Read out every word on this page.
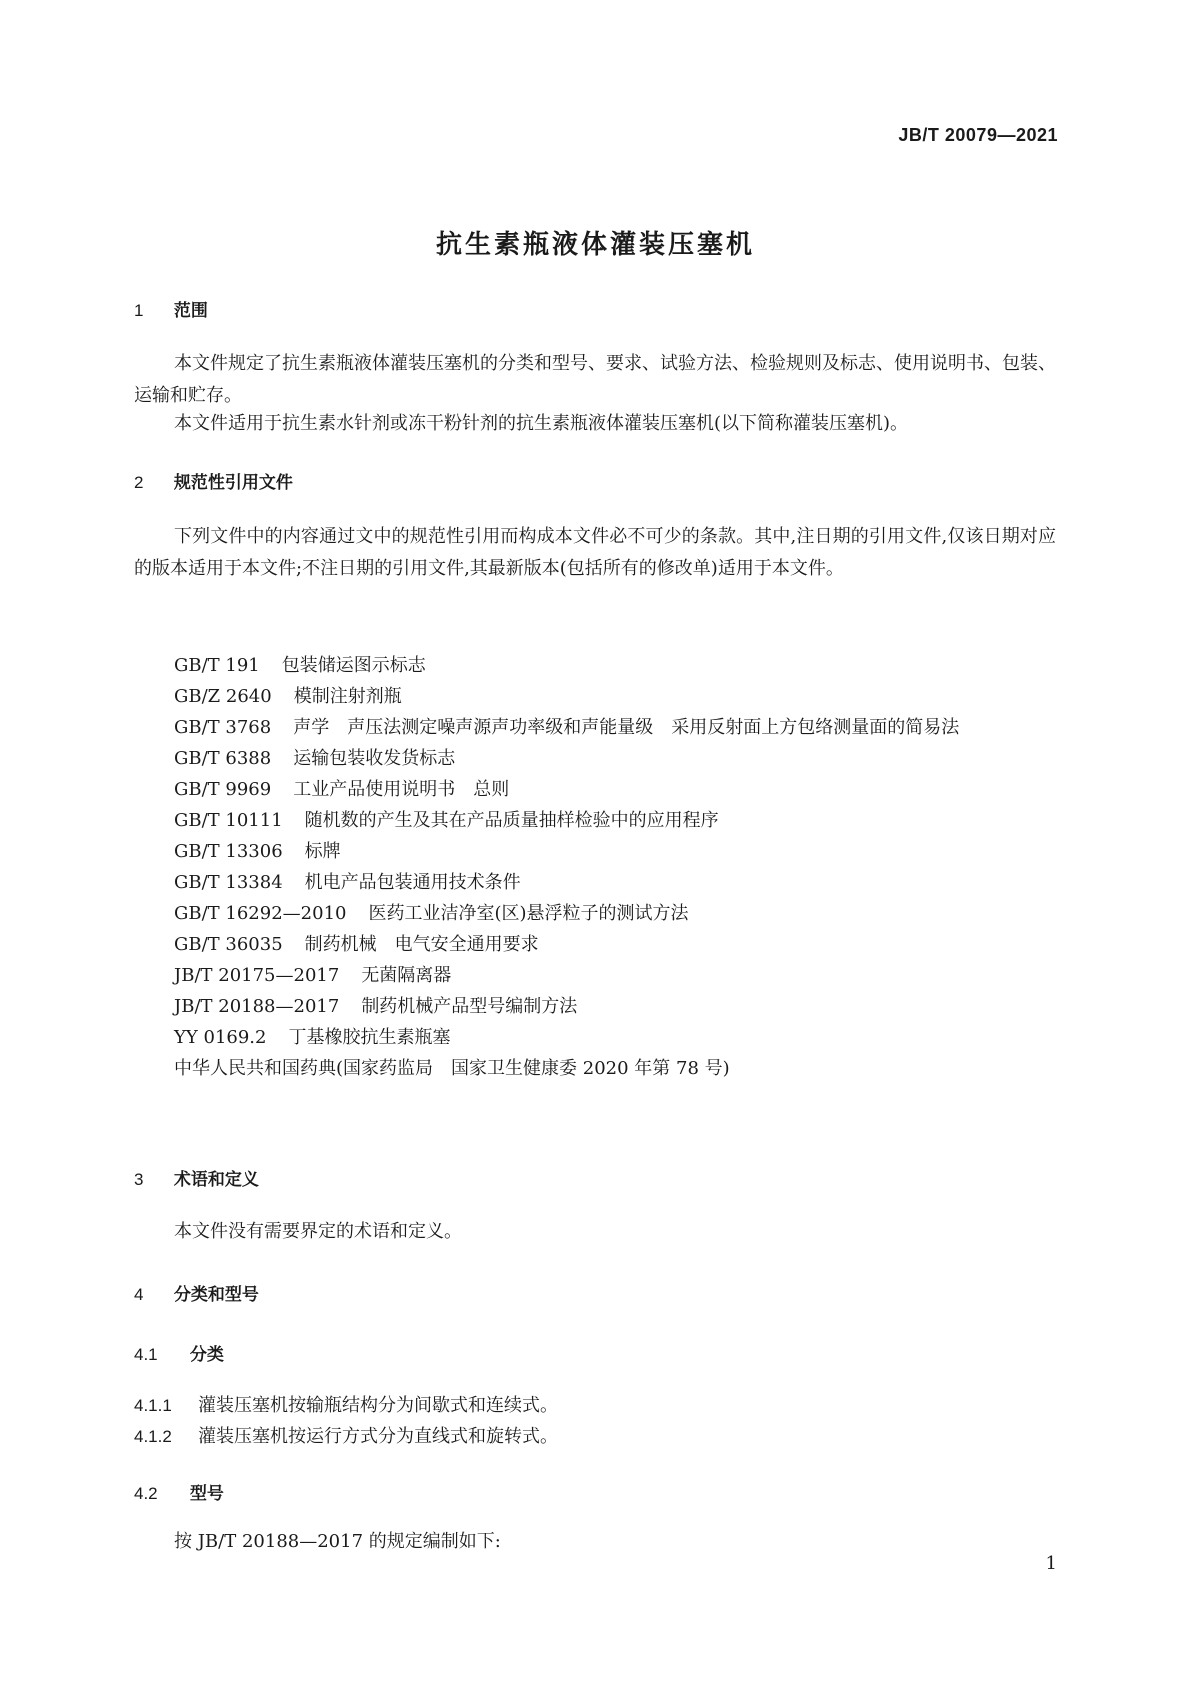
JB/T 20079—2021
抗生素瓶液体灌装压塞机
1 范围

本文件规定了抗生素瓶液体灌装压塞机的分类和型号、要求、试验方法、检验规则及标志、使用说明书、包装、运输和贮存。

本文件适用于抗生素水针剂或冻干粉针剂的抗生素瓶液体灌装压塞机(以下简称灌装压塞机)。

2 规范性引用文件

下列文件中的内容通过文中的规范性引用而构成本文件必不可少的条款。其中,注日期的引用文件,仅该日期对应的版本适用于本文件;不注日期的引用文件,其最新版本(包括所有的修改单)适用于本文件。

GB/T 191 包装储运图示标志
GB/Z 2640 模制注射剂瓶
GB/T 3768 声学　声压法测定噪声源声功率级和声能量级　采用反射面上方包络测量面的简易法
GB/T 6388 运输包装收发货标志
GB/T 9969 工业产品使用说明书　总则
GB/T 10111 随机数的产生及其在产品质量抽样检验中的应用程序
GB/T 13306 标牌
GB/T 13384 机电产品包装通用技术条件
GB/T 16292—2010 医药工业洁净室(区)悬浮粒子的测试方法
GB/T 36035 制药机械　电气安全通用要求
JB/T 20175—2017 无菌隔离器
JB/T 20188—2017 制药机械产品型号编制方法
YY 0169.2 丁基橡胶抗生素瓶塞
中华人民共和国药典(国家药监局　国家卫生健康委 2020 年第 78 号)
3 术语和定义

本文件没有需要界定的术语和定义。

4 分类和型号
4.1 分类
4.1.1 灌装压塞机按输瓶结构分为间歇式和连续式。
4.1.2 灌装压塞机按运行方式分为直线式和旋转式。
4.2 型号
按 JB/T 20188—2017 的规定编制如下:
1
